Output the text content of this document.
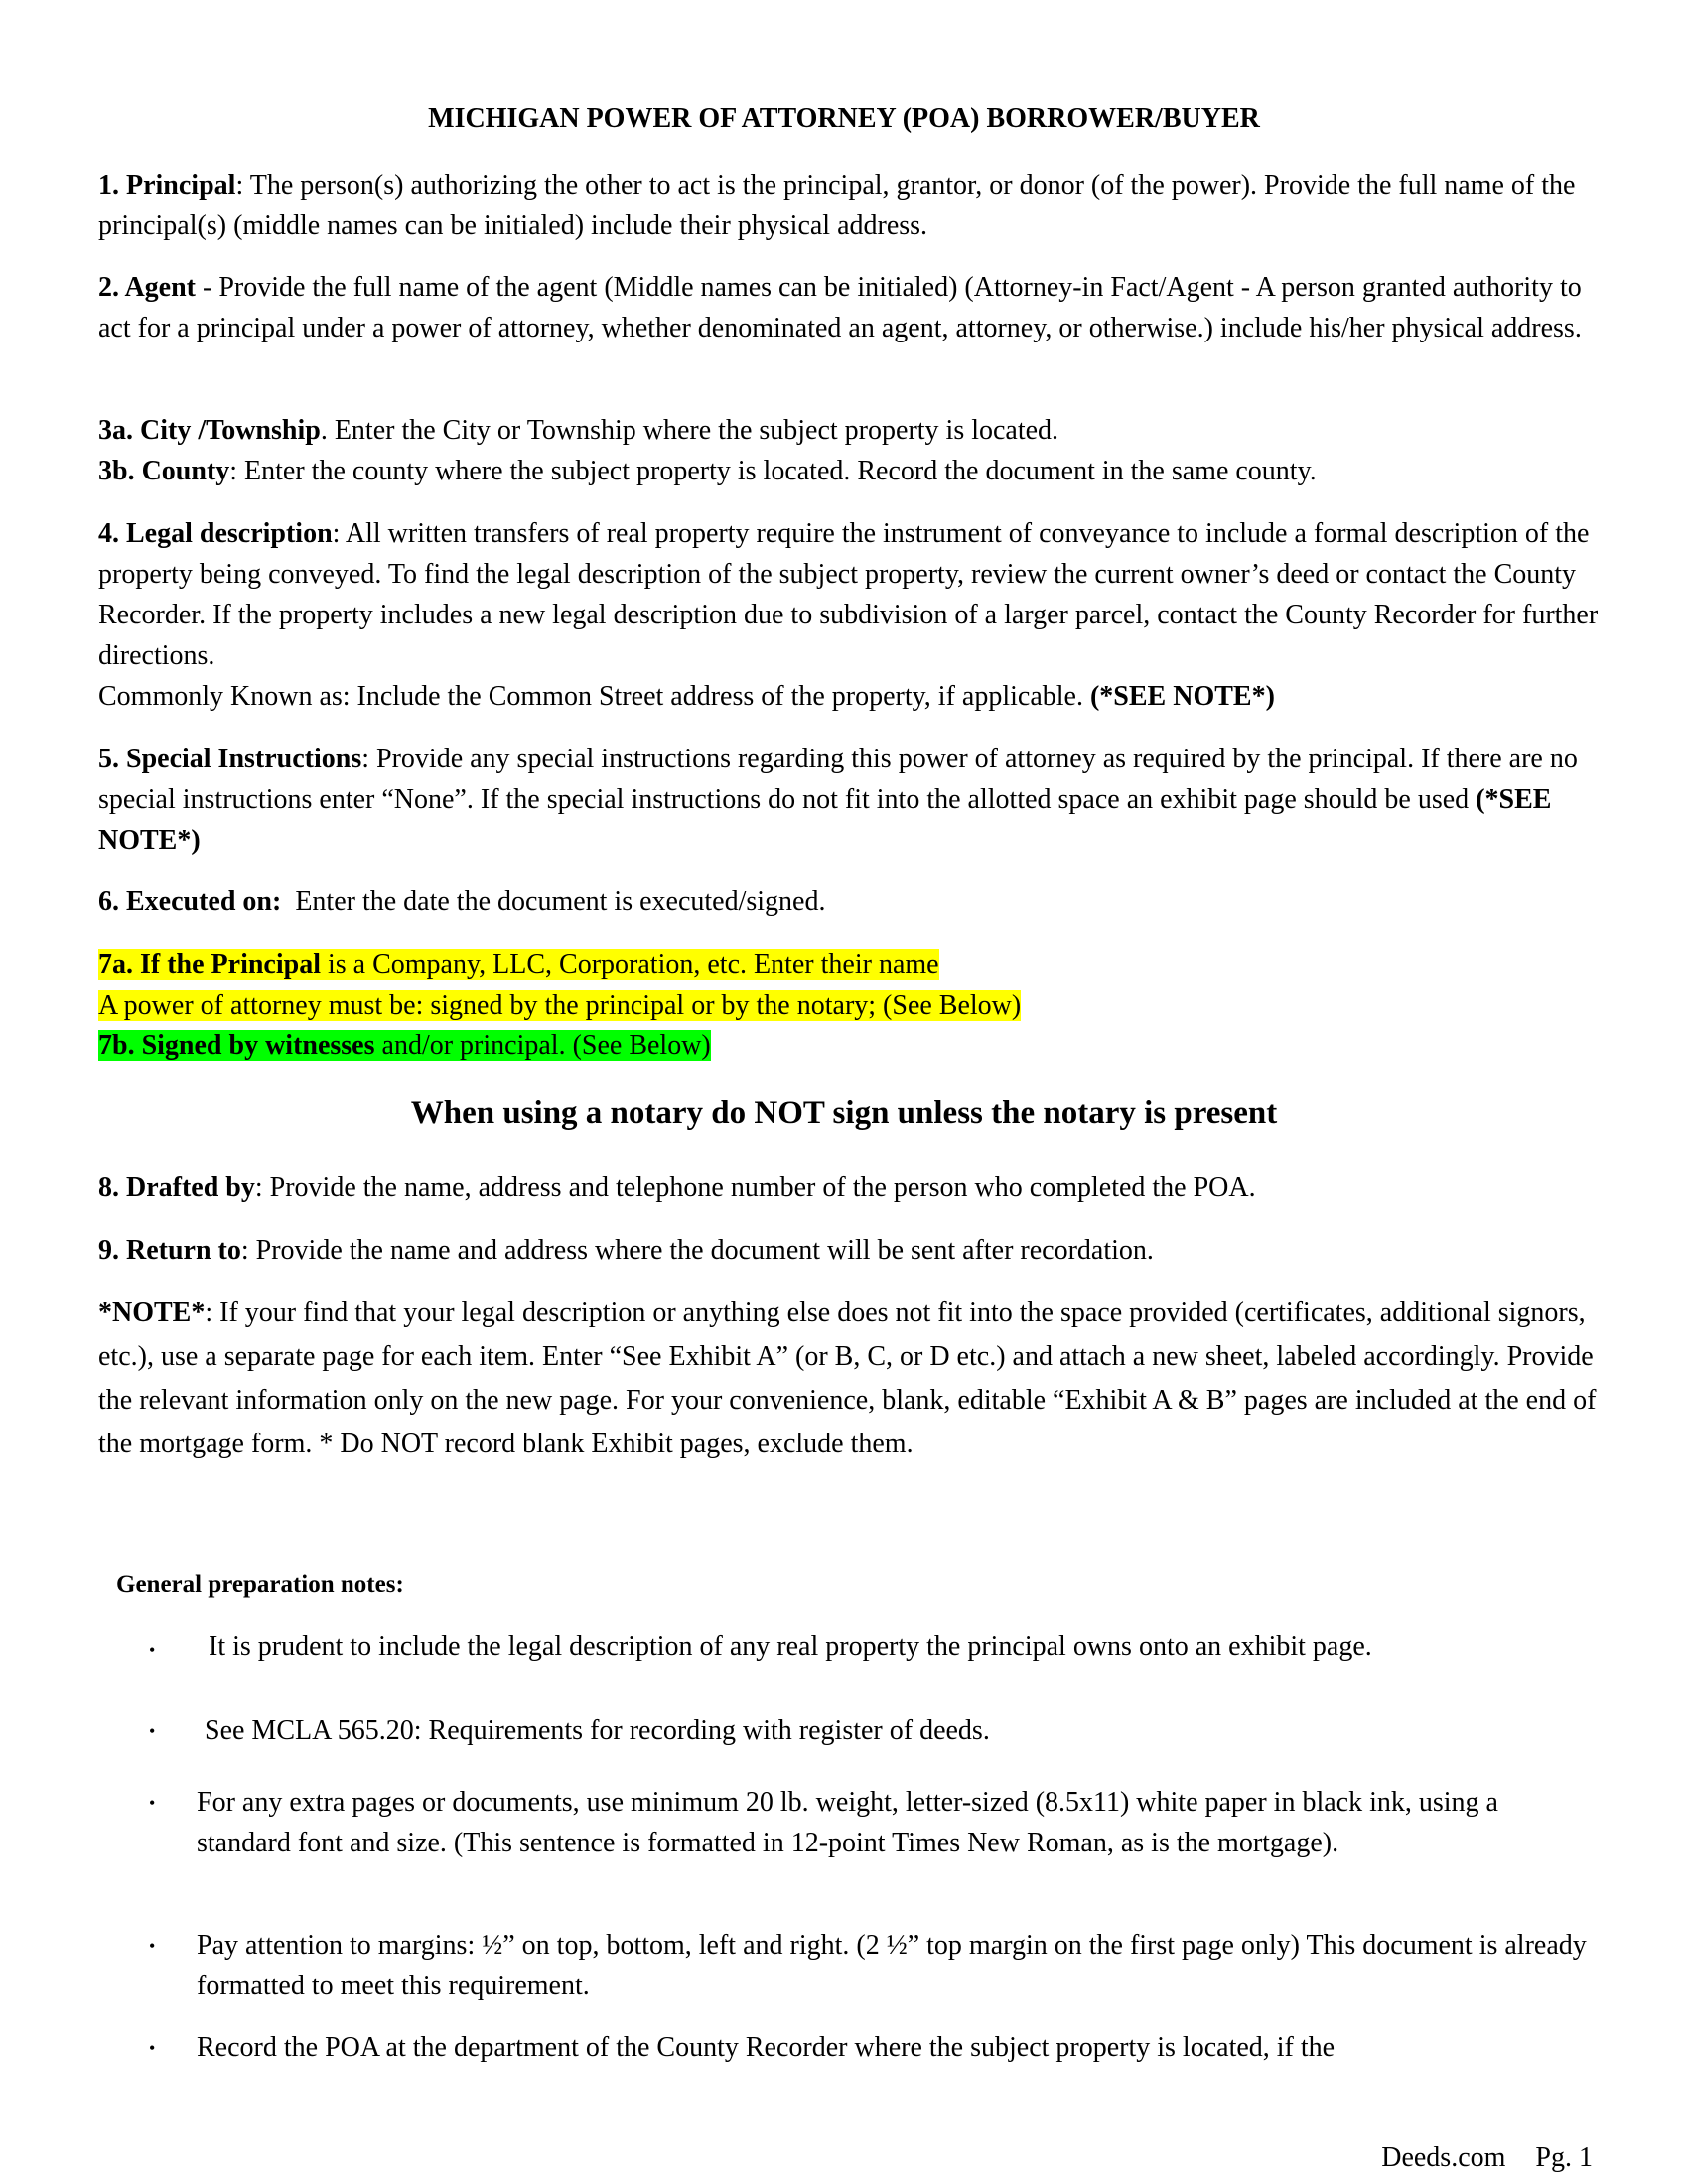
MICHIGAN POWER OF ATTORNEY (POA) BORROWER/BUYER
1. Principal: The person(s) authorizing the other to act is the principal, grantor, or donor (of the power). Provide the full name of the principal(s) (middle names can be initialed) include their physical address.
2. Agent - Provide the full name of the agent (Middle names can be initialed) (Attorney-in Fact/Agent - A person granted authority to act for a principal under a power of attorney, whether denominated an agent, attorney, or otherwise.) include his/her physical address.
3a. City /Township. Enter the City or Township where the subject property is located.
3b. County: Enter the county where the subject property is located. Record the document in the same county.
4. Legal description: All written transfers of real property require the instrument of conveyance to include a formal description of the property being conveyed. To find the legal description of the subject property, review the current owner’s deed or contact the County Recorder. If the property includes a new legal description due to subdivision of a larger parcel, contact the County Recorder for further directions.
Commonly Known as: Include the Common Street address of the property, if applicable. (*SEE NOTE*)
5. Special Instructions: Provide any special instructions regarding this power of attorney as required by the principal. If there are no special instructions enter “None”. If the special instructions do not fit into the allotted space an exhibit page should be used (*SEE NOTE*)
6. Executed on:  Enter the date the document is executed/signed.
7a. If the Principal is a Company, LLC, Corporation, etc. Enter their name
A power of attorney must be: signed by the principal or by the notary; (See Below)
7b. Signed by witnesses and/or principal. (See Below)
When using a notary do NOT sign unless the notary is present
8. Drafted by: Provide the name, address and telephone number of the person who completed the POA.
9. Return to: Provide the name and address where the document will be sent after recordation.
*NOTE*: If your find that your legal description or anything else does not fit into the space provided (certificates, additional signors, etc.), use a separate page for each item. Enter “See Exhibit A” (or B, C, or D etc.) and attach a new sheet, labeled accordingly. Provide the relevant information only on the new page. For your convenience, blank, editable “Exhibit A & B” pages are included at the end of the mortgage form. * Do NOT record blank Exhibit pages, exclude them.
General preparation notes:
•	It is prudent to include the legal description of any real property the principal owns onto an exhibit page.
• See MCLA 565.20: Requirements for recording with register of deeds.
• For any extra pages or documents, use minimum 20 lb. weight, letter-sized (8.5x11) white paper in black ink, using a standard font and size. (This sentence is formatted in 12-point Times New Roman, as is the mortgage).
• Pay attention to margins: ½” on top, bottom, left and right. (2 ½” top margin on the first page only) This document is already formatted to meet this requirement.
• Record the POA at the department of the County Recorder where the subject property is located, if the
Deeds.com Pg. 1
